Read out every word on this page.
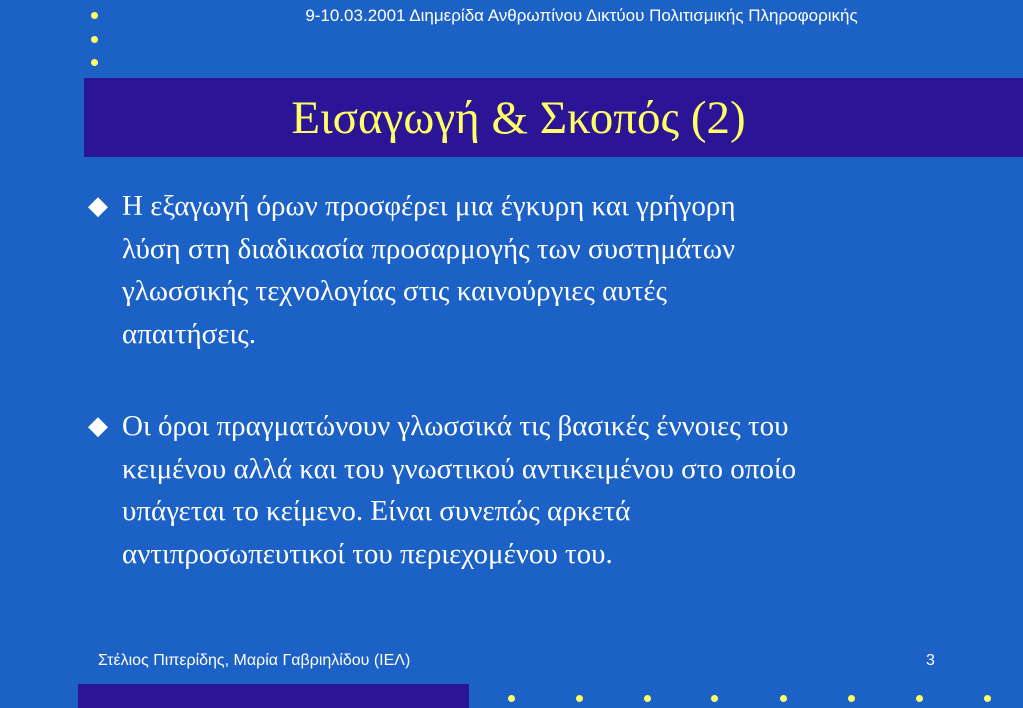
9-10.03.2001 Διημερίδα Ανθρωπίνου Δικτύου Πολιτισμικής Πληροφορικής
Εισαγωγή & Σκοπός (2)
◆ Η εξαγωγή όρων προσφέρει μια έγκυρη και γρήγορη
λύση στη διαδικασία προσαρμογής των συστημάτων
γλωσσικής τεχνολογίας στις καινούργιες αυτές
απαιτήσεις.
◆ Οι όροι πραγματώνουν γλωσσικά τις βασικές έννοιες του
κειμένου αλλά και του γνωστικού αντικειμένου στο οποίο
υπάγεται το κείμενο. Είναι συνεπώς αρκετά
αντιπροσωπευτικοί του περιεχομένου του.
Στέλιος Πιπερίδης, Μαρία Γαβριηλίδου (ΙΕΛ)	3
